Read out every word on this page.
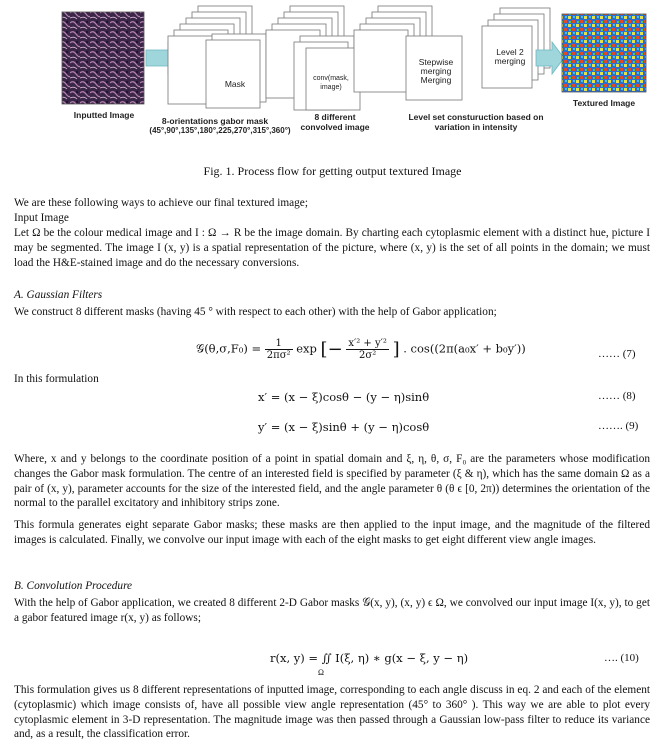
Inputted Image
Mask
8-orientations gabor mask
(45°,90°,135°,180°,225,270°,315°,360°)
conv(mask, image)
8 different convolved image
Stepwise merging Merging
Level 2 merging
Level set consturuction based on variation in intensity
Textured Image
Fig. 1. Process flow for getting output textured Image
We are these following ways to achieve our final textured image;
Input Image
Let Ω be the colour medical image and I : Ω → R be the image domain. By charting each cytoplasmic element with a distinct hue, picture I may be segmented. The image I (x, y) is a spatial representation of the picture, where (x, y) is the set of all points in the domain; we must load the H&E-stained image and do the necessary conversions.
A. Gaussian Filters
We construct 8 different masks (having 45 ° with respect to each other) with the help of Gabor application;
𝒢(θ,σ,F₀) = $\frac{1}{\text{2πσ²}}$ exp [− $\frac{\text{x′² + y′²}}{\text{2σ²}}$ ] . cos((2π(a₀x′ + b₀y′))	…… (7)
In this formulation
x′ = (x − ξ)cosθ − (y − η)sinθ	…… (8)
y′ = (x − ξ)sinθ + (y − η)cosθ	……. (9)
Where, x and y belongs to the coordinate position of a point in spatial domain and ξ, η, θ, σ, F₀ are the parameters whose modification changes the Gabor mask formulation. The centre of an interested field is specified by parameter (ξ & η), which has the same domain Ω as a pair of (x, y), parameter accounts for the size of the interested field, and the angle parameter θ (θ ϵ [0, 2π)) determines the orientation of the normal to the parallel excitatory and inhibitory strips zone.
This formula generates eight separate Gabor masks; these masks are then applied to the input image, and the magnitude of the filtered images is calculated. Finally, we convolve our input image with each of the eight masks to get eight different view angle images.
B. Convolution Procedure
With the help of Gabor application, we created 8 different 2-D Gabor masks 𝒢(x, y), (x, y) ϵ Ω, we convolved our input image I(x, y), to get a gabor featured image r(x, y) as follows;
r(x, y) = ∬ I(ξ, η) ∗ g(x − ξ, y − η)
Ω
…. (10)
This formulation gives us 8 different representations of inputted image, corresponding to each angle discuss in eq. 2 and each of the element (cytoplasmic) which image consists of, have all possible view angle representation (45° to 360° ). This way we are able to plot every cytoplasmic element in 3-D representation. The magnitude image was then passed through a Gaussian low-pass filter to reduce its variance and, as a result, the classification error.
